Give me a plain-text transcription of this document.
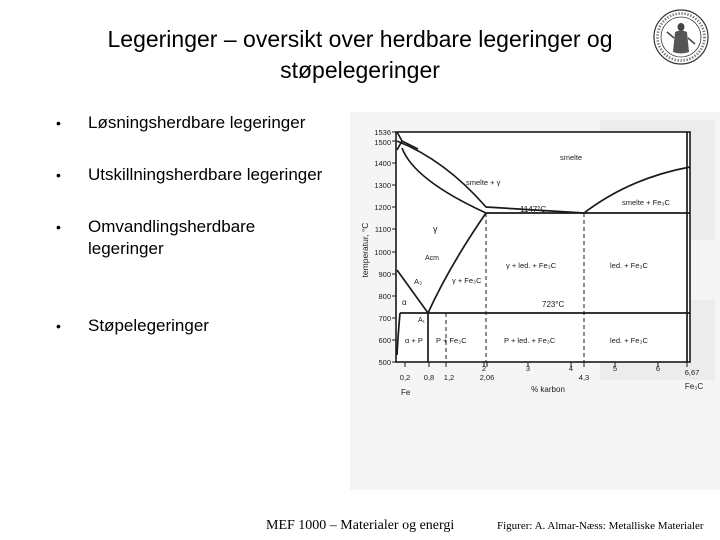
Legeringer – oversikt over herdbare legeringer og
støpelegeringer
•	Løsningsherdbare legeringer
•	Utskillningsherdbare legeringer
•	Omvandlingsherdbare
legeringer
•	Støpelegeringer
1536
1500
1400
1300
1200
1100
1000
900
800
700
600
500
temperatur, °C
0,2 0,8 1,2
2
2,06
3	4
4,3
5	6	6,67
Fe
Fe₃C
% karbon
smelte
smelte + γ
smelte + Fe₃C
γ
γ + Fe₃C
γ + led. + Fe₃C	led. + Fe₃C
α
α + P P + Fe₃C	P + led. + Fe₃C	led. + Fe₃C
1147°C
723°C
Acm
A₃
A₁
MEF 1000 – Materialer og energi	Figurer: A. Almar-Næss: Metalliske Materialer
